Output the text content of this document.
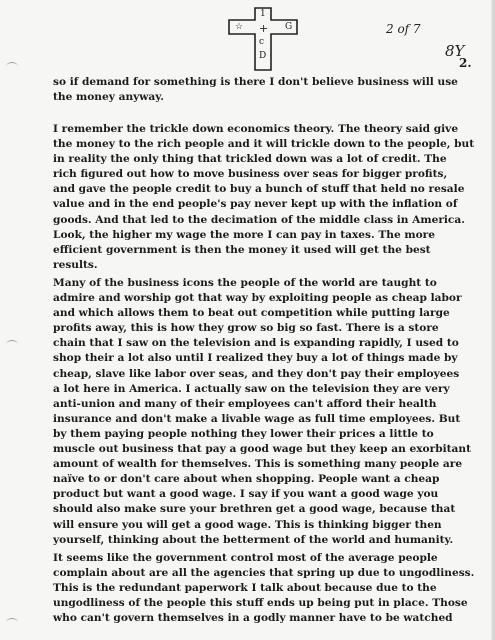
1
+
c
D
☆	G	2 of 7
8Y
2.
so if demand for something is there I don't believe business will use
the money anyway.
I remember the trickle down economics theory. The theory said give
the money to the rich people and it will trickle down to the people, but
in reality the only thing that trickled down was a lot of credit. The
rich figured out how to move business over seas for bigger profits,
and gave the people credit to buy a bunch of stuff that held no resale
value and in the end people's pay never kept up with the inflation of
goods. And that led to the decimation of the middle class in America.
Look, the higher my wage the more I can pay in taxes. The more
efficient government is then the money it used will get the best
results.
Many of the business icons the people of the world are taught to
admire and worship got that way by exploiting people as cheap labor
and which allows them to beat out competition while putting large
profits away, this is how they grow so big so fast. There is a store
chain that I saw on the television and is expanding rapidly, I used to
shop their a lot also until I realized they buy a lot of things made by
cheap, slave like labor over seas, and they don't pay their employees
a lot here in America. I actually saw on the television they are very
anti-union and many of their employees can't afford their health
insurance and don't make a livable wage as full time employees. But
by them paying people nothing they lower their prices a little to
muscle out business that pay a good wage but they keep an exorbitant
amount of wealth for themselves. This is something many people are
naïve to or don't care about when shopping. People want a cheap
product but want a good wage. I say if you want a good wage you
should also make sure your brethren get a good wage, because that
will ensure you will get a good wage. This is thinking bigger then
yourself, thinking about the betterment of the world and humanity.
It seems like the government control most of the average people
complain about are all the agencies that spring up due to ungodliness.
This is the redundant paperwork I talk about because due to the
ungodliness of the people this stuff ends up being put in place. Those
who can't govern themselves in a godly manner have to be watched
